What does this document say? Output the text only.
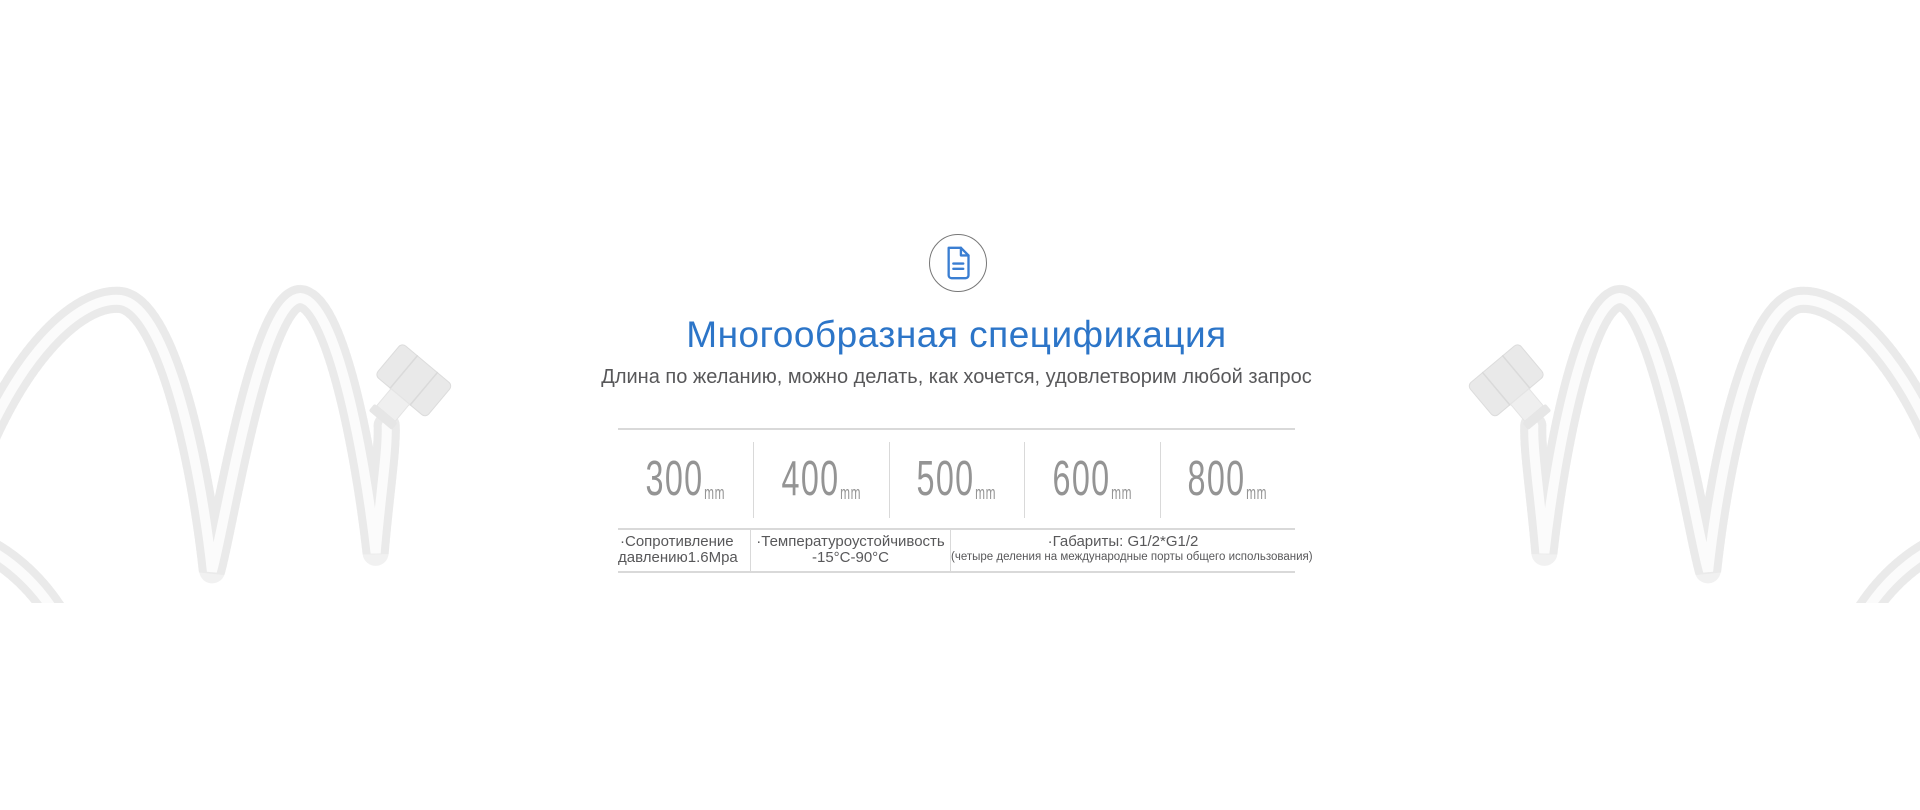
Многообразная спецификация

Длина по желанию, можно делать, как хочется, удовлетворим любой запрос

300 mm 400 mm 500 mm 600 mm 800 mm
·Сопротивление
давлению1.6Mpa
·Температуроустойчивость
-15°C-90°C
·Габариты: G1/2*G1/2
(четыре деления на международные порты общего использования)
